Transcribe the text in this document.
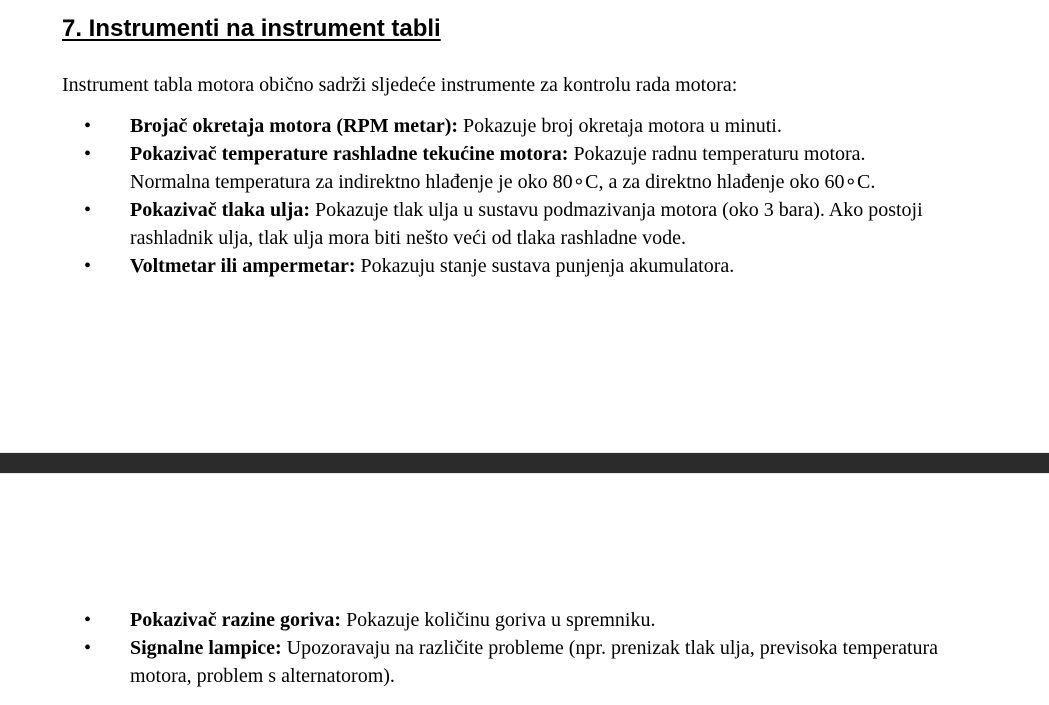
7. Instrumenti na instrument tabli

Instrument tabla motora obično sadrži sljedeće instrumente za kontrolu rada motora:

• Brojač okretaja motora (RPM metar): Pokazuje broj okretaja motora u minuti.
• Pokazivač temperature rashladne tekućine motora: Pokazuje radnu temperaturu motora. Normalna temperatura za indirektno hlađenje je oko 80∘C, a za direktno hlađenje oko 60∘C.
• Pokazivač tlaka ulja: Pokazuje tlak ulja u sustavu podmazivanja motora (oko 3 bara). Ako postoji rashladnik ulja, tlak ulja mora biti nešto veći od tlaka rashladne vode.
• Voltmetar ili ampermetar: Pokazuju stanje sustava punjenja akumulatora.
• Pokazivač razine goriva: Pokazuje količinu goriva u spremniku.
• Signalne lampice: Upozoravaju na različite probleme (npr. prenizak tlak ulja, previsoka temperatura motora, problem s alternatorom).
